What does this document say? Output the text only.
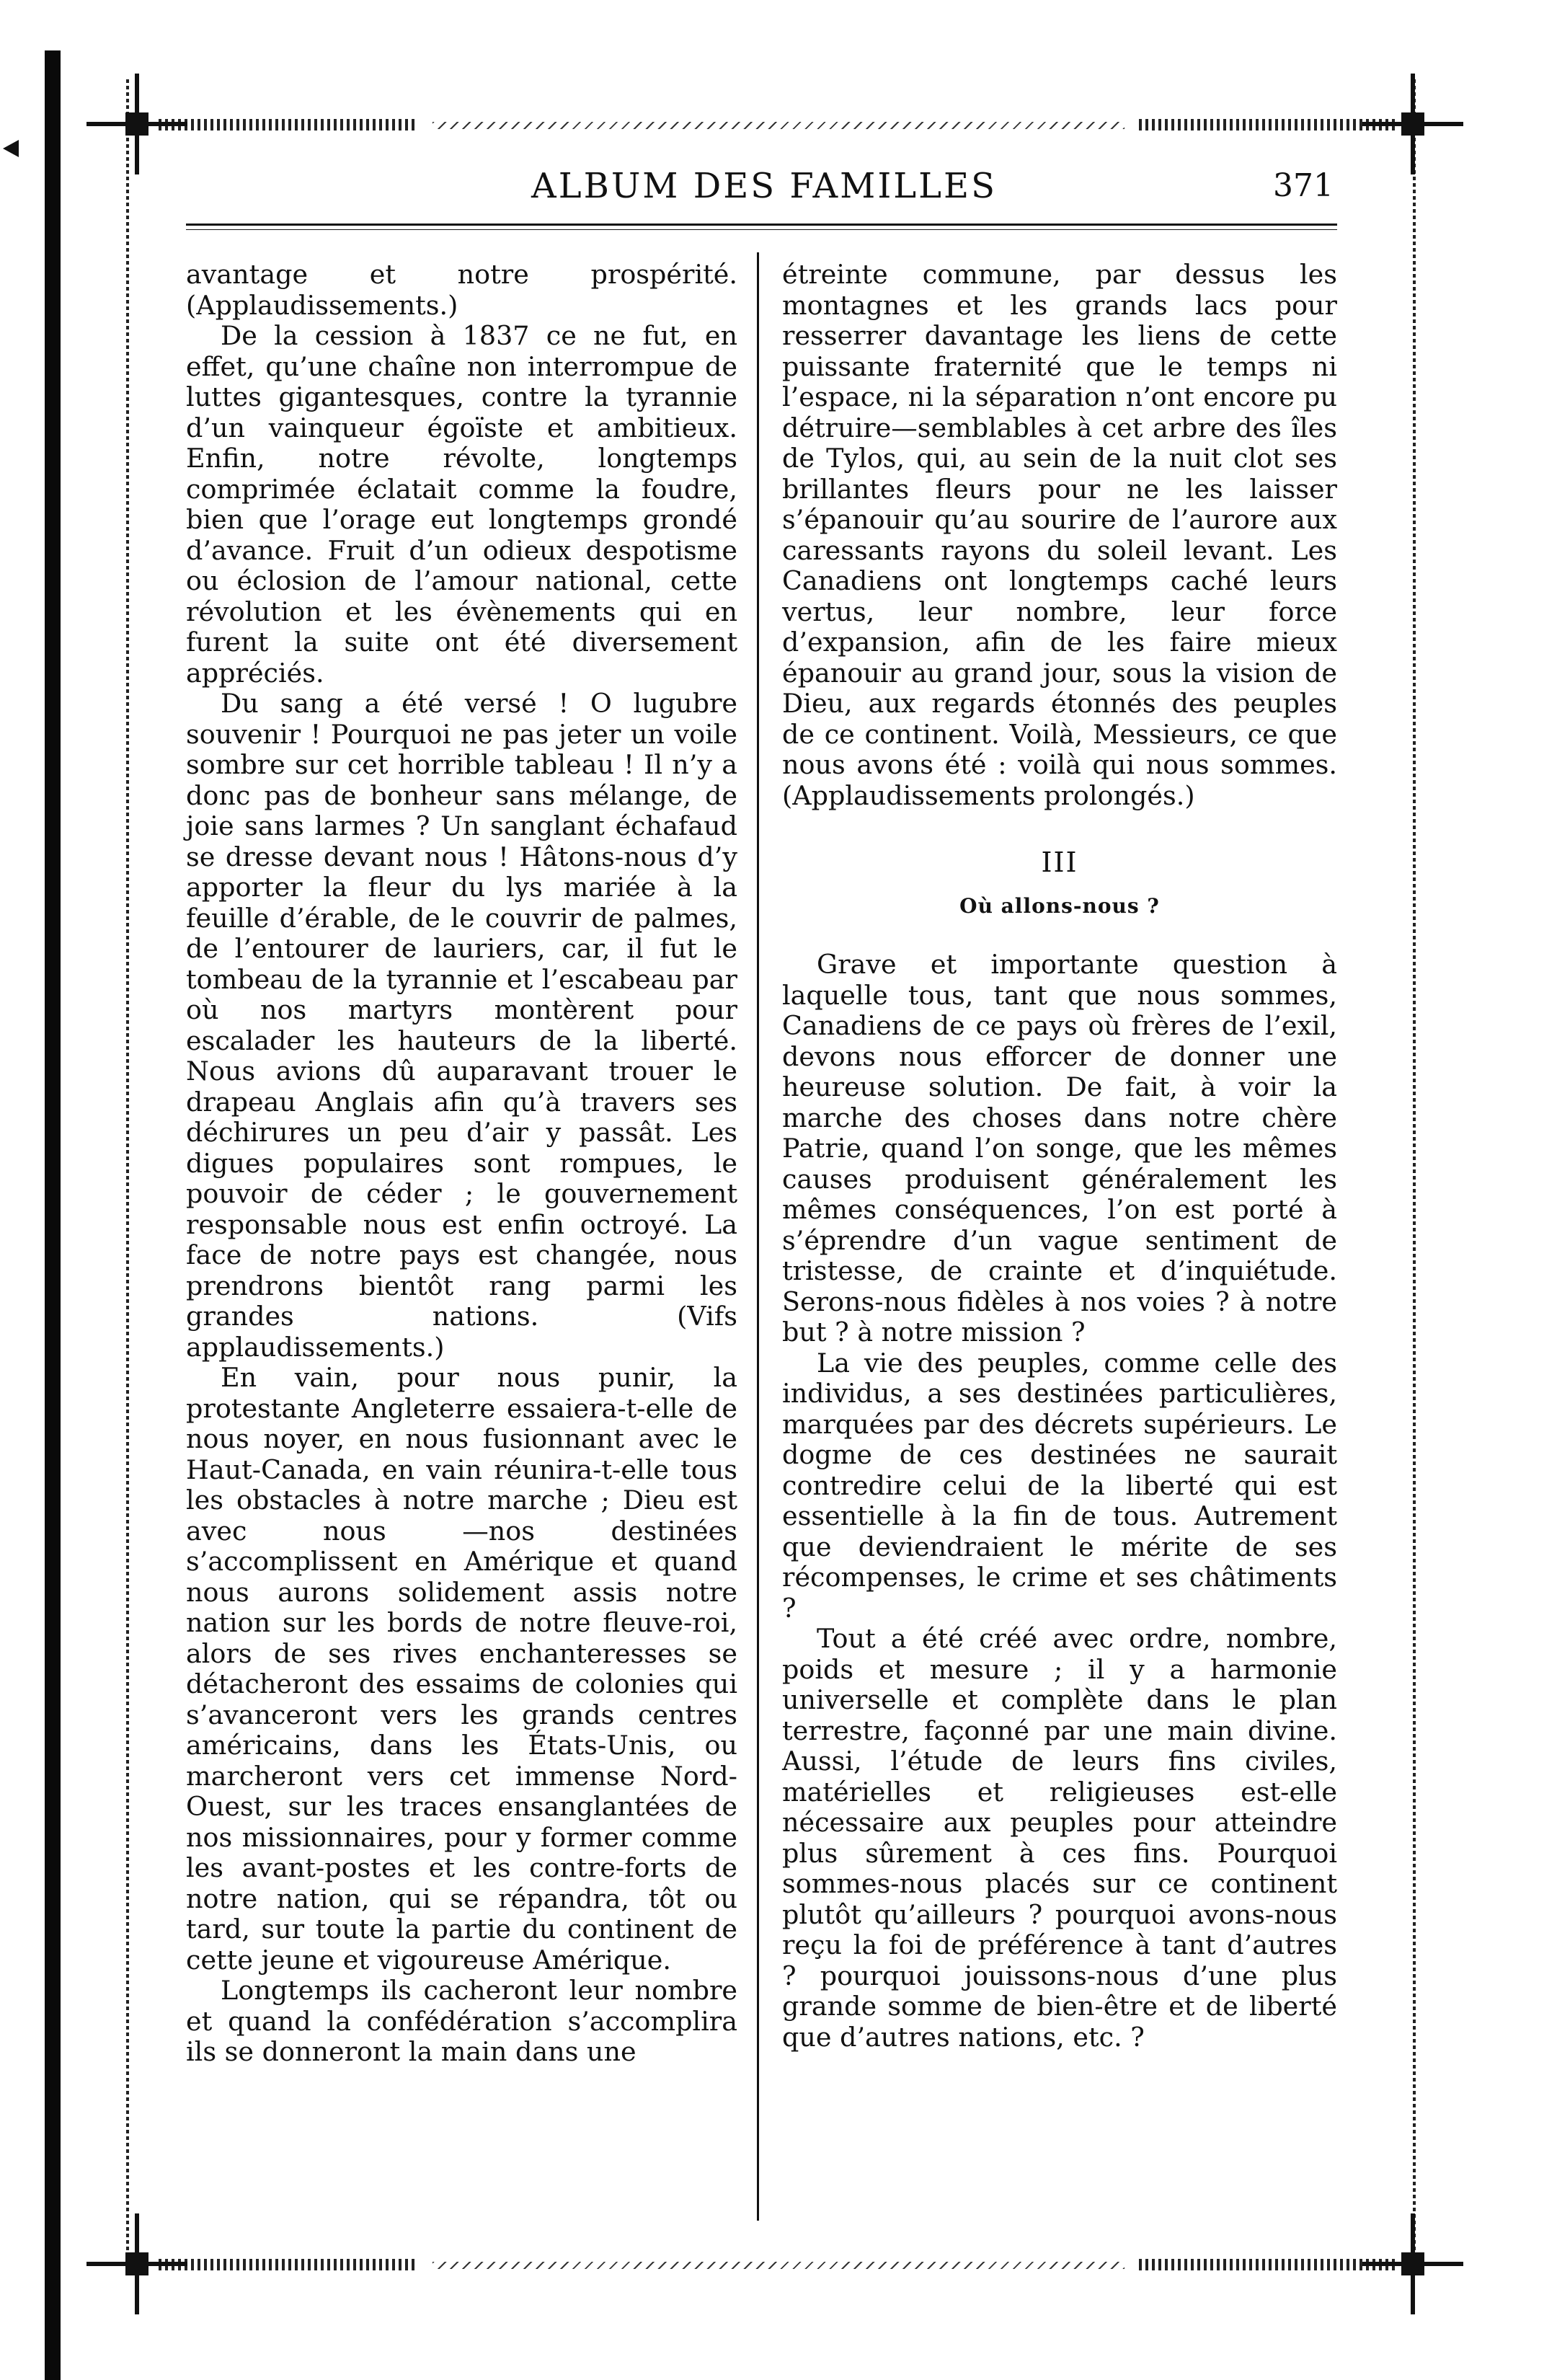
ALBUM DES FAMILLES	371

avantage et notre prospérité. (Applaudissements.)

De la cession à 1837 ce ne fut, en effet, qu’une chaîne non interrompue de luttes gigantesques, contre la tyrannie d’un vainqueur égoïste et ambitieux. Enfin, notre révolte, longtemps comprimée éclatait comme la foudre, bien que l’orage eut longtemps grondé d’avance. Fruit d’un odieux despotisme ou éclosion de l’amour national, cette révolution et les évènements qui en furent la suite ont été diversement appréciés.

Du sang a été versé ! O lugubre souvenir ! Pourquoi ne pas jeter un voile sombre sur cet horrible tableau ! Il n’y a donc pas de bonheur sans mélange, de joie sans larmes ? Un sanglant échafaud se dresse devant nous ! Hâtons-nous d’y apporter la fleur du lys mariée à la feuille d’érable, de le couvrir de palmes, de l’entourer de lauriers, car, il fut le tombeau de la tyrannie et l’escabeau par où nos martyrs montèrent pour escalader les hauteurs de la liberté. Nous avions dû auparavant trouer le drapeau Anglais afin qu’à travers ses déchirures un peu d’air y passât. Les digues populaires sont rompues, le pouvoir de céder ; le gouvernement responsable nous est enfin octroyé. La face de notre pays est changée, nous prendrons bientôt rang parmi les grandes nations. (Vifs applaudissements.)

En vain, pour nous punir, la protestante Angleterre essaiera-t-elle de nous noyer, en nous fusionnant avec le Haut-Canada, en vain réunira-t-elle tous les obstacles à notre marche ; Dieu est avec nous —nos destinées s’accomplissent en Amérique et quand nous aurons solidement assis notre nation sur les bords de notre fleuve-roi, alors de ses rives enchanteresses se détacheront des essaims de colonies qui s’avanceront vers les grands centres américains, dans les États-Unis, ou marcheront vers cet immense Nord-Ouest, sur les traces ensanglantées de nos missionnaires, pour y former comme les avant-postes et les contre-forts de notre nation, qui se répandra, tôt ou tard, sur toute la partie du continent de cette jeune et vigoureuse Amérique.

Longtemps ils cacheront leur nombre et quand la confédération s’accomplira ils se donneront la main dans une

étreinte commune, par dessus les montagnes et les grands lacs pour resserrer davantage les liens de cette puissante fraternité que le temps ni l’espace, ni la séparation n’ont encore pu détruire—semblables à cet arbre des îles de Tylos, qui, au sein de la nuit clot ses brillantes fleurs pour ne les laisser s’épanouir qu’au sourire de l’aurore aux caressants rayons du soleil levant. Les Canadiens ont longtemps caché leurs vertus, leur nombre, leur force d’expansion, afin de les faire mieux épanouir au grand jour, sous la vision de Dieu, aux regards étonnés des peuples de ce continent. Voilà, Messieurs, ce que nous avons été : voilà qui nous sommes. (Applaudissements prolongés.)

III
Où allons-nous ?

Grave et importante question à laquelle tous, tant que nous sommes, Canadiens de ce pays où frères de l’exil, devons nous efforcer de donner une heureuse solution. De fait, à voir la marche des choses dans notre chère Patrie, quand l’on songe, que les mêmes causes produisent généralement les mêmes conséquences, l’on est porté à s’éprendre d’un vague sentiment de tristesse, de crainte et d’inquiétude. Serons-nous fidèles à nos voies ? à notre but ? à notre mission ?

La vie des peuples, comme celle des individus, a ses destinées particulières, marquées par des décrets supérieurs. Le dogme de ces destinées ne saurait contredire celui de la liberté qui est essentielle à la fin de tous. Autrement que deviendraient le mérite de ses récompenses, le crime et ses châtiments ?

Tout a été créé avec ordre, nombre, poids et mesure ; il y a harmonie universelle et complète dans le plan terrestre, façonné par une main divine. Aussi, l’étude de leurs fins civiles, matérielles et religieuses est-elle nécessaire aux peuples pour atteindre plus sûrement à ces fins. Pourquoi sommes-nous placés sur ce continent plutôt qu’ailleurs ? pourquoi avons-nous reçu la foi de préférence à tant d’autres ? pourquoi jouissons-nous d’une plus grande somme de bien-être et de liberté que d’autres nations, etc. ?
